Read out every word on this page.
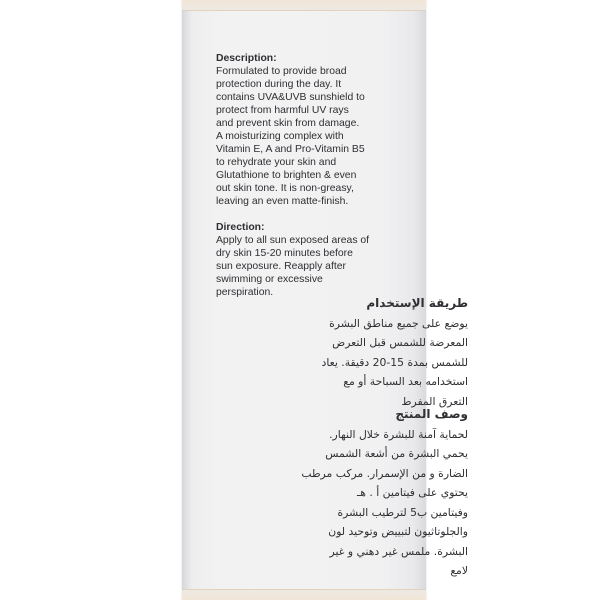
Description:
Formulated to provide broad
protection during the day. It
contains UVA&UVB sunshield to
protect from harmful UV rays
and prevent skin from damage.
A moisturizing complex with
Vitamin E, A and Pro-Vitamin B5
to rehydrate your skin and
Glutathione to brighten & even
out skin tone. It is non-greasy,
leaving an even matte-finish.
Direction:
Apply to all sun exposed areas of
dry skin 15-20 minutes before
sun exposure. Reapply after
swimming or excessive
perspiration.
طريقة الإستخدام
يوضع على جميع مناطق البشرة
المعرضة للشمس قبل التعرض
للشمس بمدة 15-20 دقيقة. يعاد
استخدامه بعد السباحة أو مع
التعرق المفرط
وصف المنتج
لحماية آمنة للبشرة خلال النهار.
يحمي البشرة من أشعة الشمس
الضارة و من الإسمرار. مركب مرطب
يحتوي على فيتامين أ . هـ
وفيتامين ب5 لترطيب البشرة
والجلوتاثيون لتبييض وتوحيد لون
البشرة. ملمس غير دهني و غير
لامع
